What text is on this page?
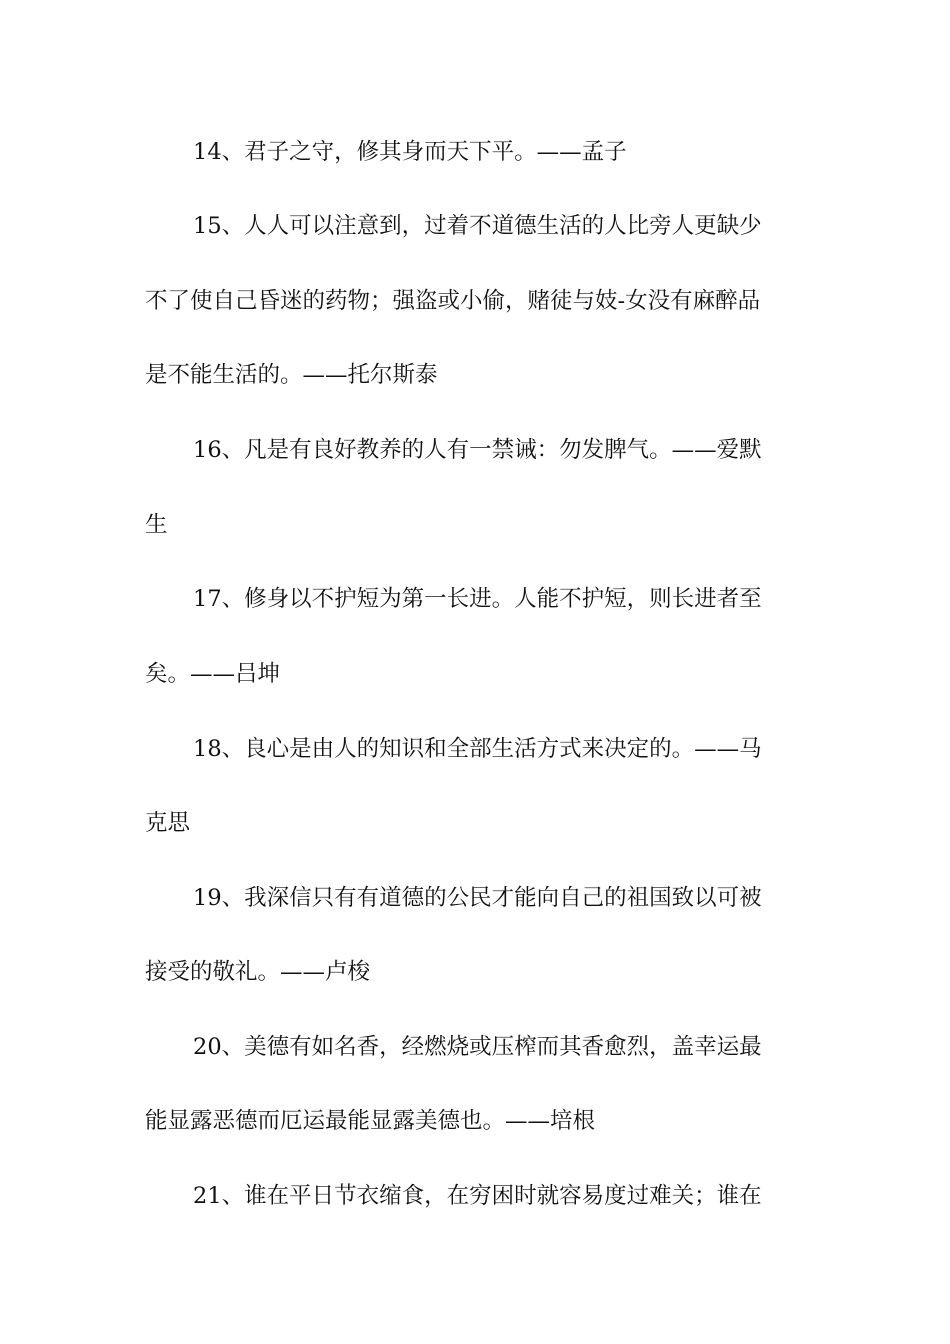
14、君子之守，修其身而天下平。——孟子

15、人人可以注意到，过着不道德生活的人比旁人更缺少

不了使自己昏迷的药物；强盗或小偷，赌徒与妓-女没有麻醉品

是不能生活的。——托尔斯泰

16、凡是有良好教养的人有一禁诫：勿发脾气。——爱默

生

17、修身以不护短为第一长进。人能不护短，则长进者至

矣。——吕坤

18、良心是由人的知识和全部生活方式来决定的。——马

克思

19、我深信只有有道德的公民才能向自己的祖国致以可被

接受的敬礼。——卢梭

20、美德有如名香，经燃烧或压榨而其香愈烈，盖幸运最

能显露恶德而厄运最能显露美德也。——培根

21、谁在平日节衣缩食，在穷困时就容易度过难关；谁在
